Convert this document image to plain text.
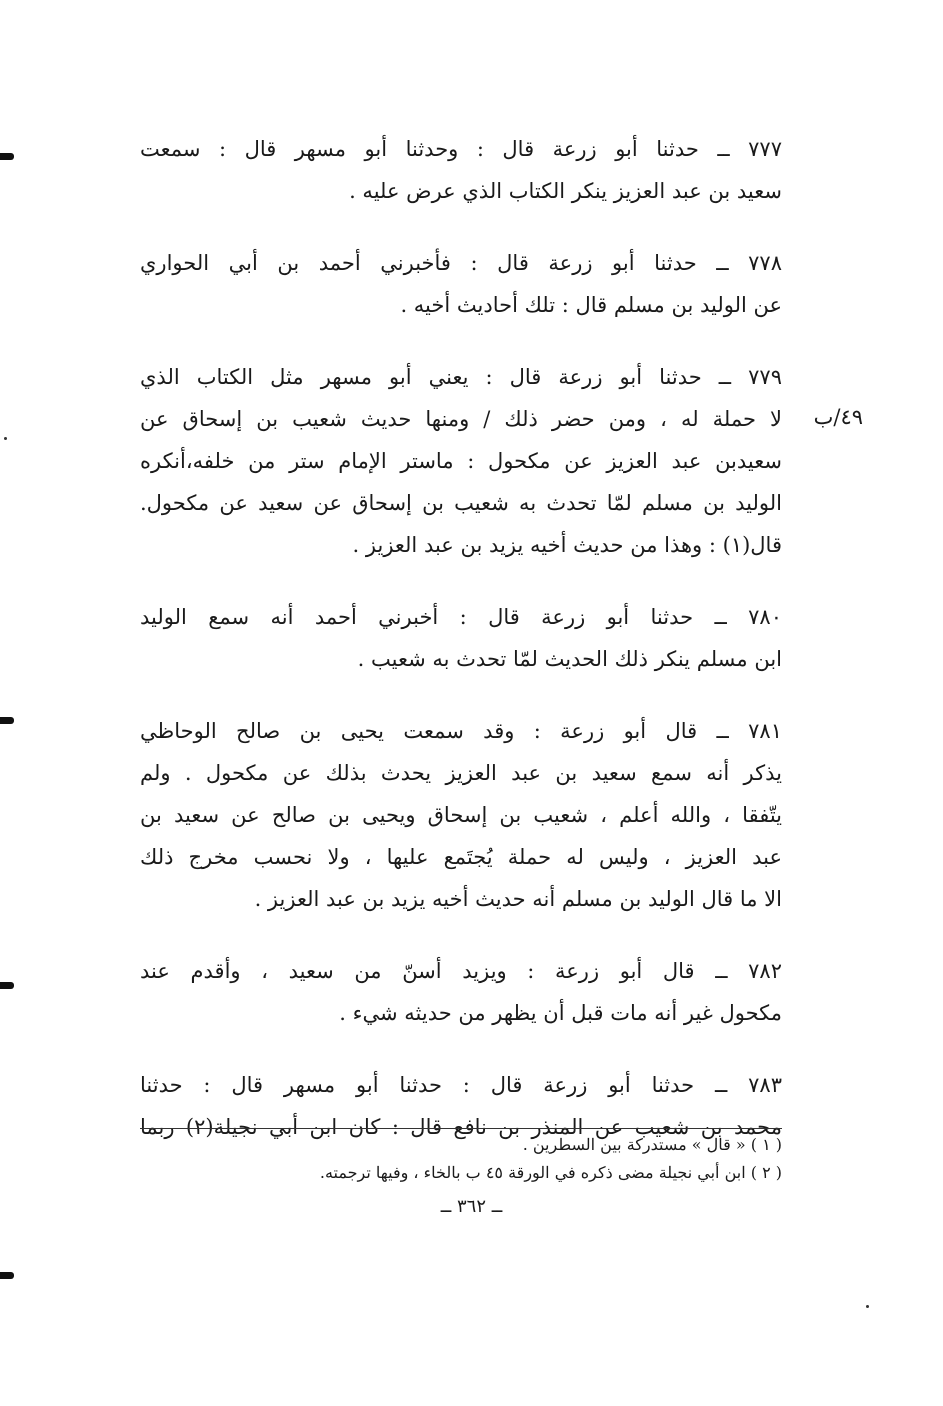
٤٩/ب
٧٧٧ ــ حدثنا أبو زرعة قال : وحدثنا أبو مسهر قال : سمعت
سعيد بن عبد العزيز ينكر الكتاب الذي عرض عليه .
٧٧٨ ــ حدثنا أبو زرعة قال : فأخبرني أحمد بن أبي الحواري
عن الوليد بن مسلم قال : تلك أحاديث أخيه .
٧٧٩ ــ حدثنا أبو زرعة قال : يعني أبو مسهر مثل الكتاب الذي
لا حملة له ، ومن حضر ذلك / ومنها حديث شعيب بن إسحاق عن
سعيدبن عبد العزيز عن مكحول : ماستر الإمام ستر من خلفه،أنكره
الوليد بن مسلم لمّا تحدث به شعيب بن إسحاق عن سعيد عن مكحول.
قال(١) : وهذا من حديث أخيه يزيد بن عبد العزيز .
٧٨٠ ــ حدثنا أبو زرعة قال : أخبرني أحمد أنه سمع الوليد
ابن مسلم ينكر ذلك الحديث لمّا تحدث به شعيب .
٧٨١ ــ قال أبو زرعة : وقد سمعت يحيى بن صالح الوحاظي
يذكر أنه سمع سعيد بن عبد العزيز يحدث بذلك عن مكحول . ولم
يتّفقا ، والله أعلم ، شعيب بن إسحاق ويحيى بن صالح عن سعيد بن
عبد العزيز ، وليس له حملة يُجتَمع عليها ، ولا نحسب مخرج ذلك
الا ما قال الوليد بن مسلم أنه حديث أخيه يزيد بن عبد العزيز .
٧٨٢ ــ قال أبو زرعة : ويزيد أسنّ من سعيد ، وأقدم عند
مكحول غير أنه مات قبل أن يظهر من حديثه شيء .
٧٨٣ ــ حدثنا أبو زرعة قال : حدثنا أبو مسهر قال : حدثنا
محمد بن شعيب عن المنذر بن نافع قال : كان ابن أبي نجيلة(٢) ربما
( ١ ) « قال » مستدركة بين السطرين .
( ٢ ) ابن أبي نجيلة مضى ذكره في الورقة ٤٥ ب بالخاء ، وفيها ترجمته.
ــ ٣٦٢ ــ
